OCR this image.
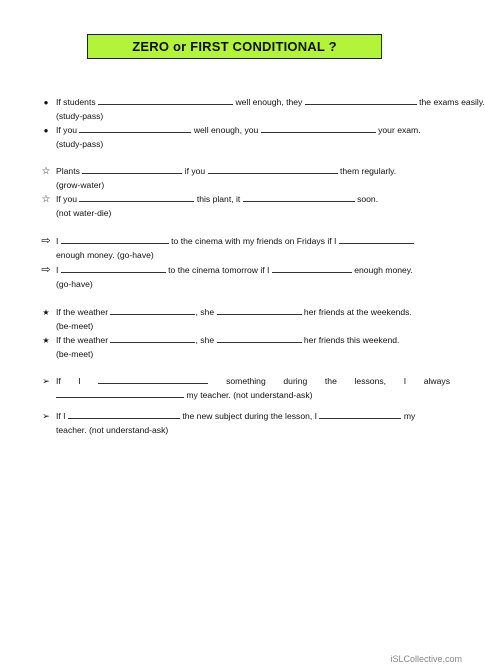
ZERO or FIRST CONDITIONAL ?
●
If students	well enough, they	the exams easily.
(study-pass)
●
If you	well enough, you	your exam.
(study-pass)
☆
Plants	if you	them regularly.
(grow-water)
☆
If you	this plant, it	soon.
(not water-die)
⇨
I	to the cinema with my friends on Fridays if I
enough money. (go-have)
⇨
I	to the cinema tomorrow if I	enough money.
(go-have)
★
If the weather	, she	her friends at the weekends.
(be-meet)
★
If the weather	, she	her friends this weekend.
(be-meet)
➢
If I	something during the lessons, I always
my teacher. (not understand-ask)
➢
If I	the new subject during the lesson, I	my
teacher. (not understand-ask)
iSLCollective.com
